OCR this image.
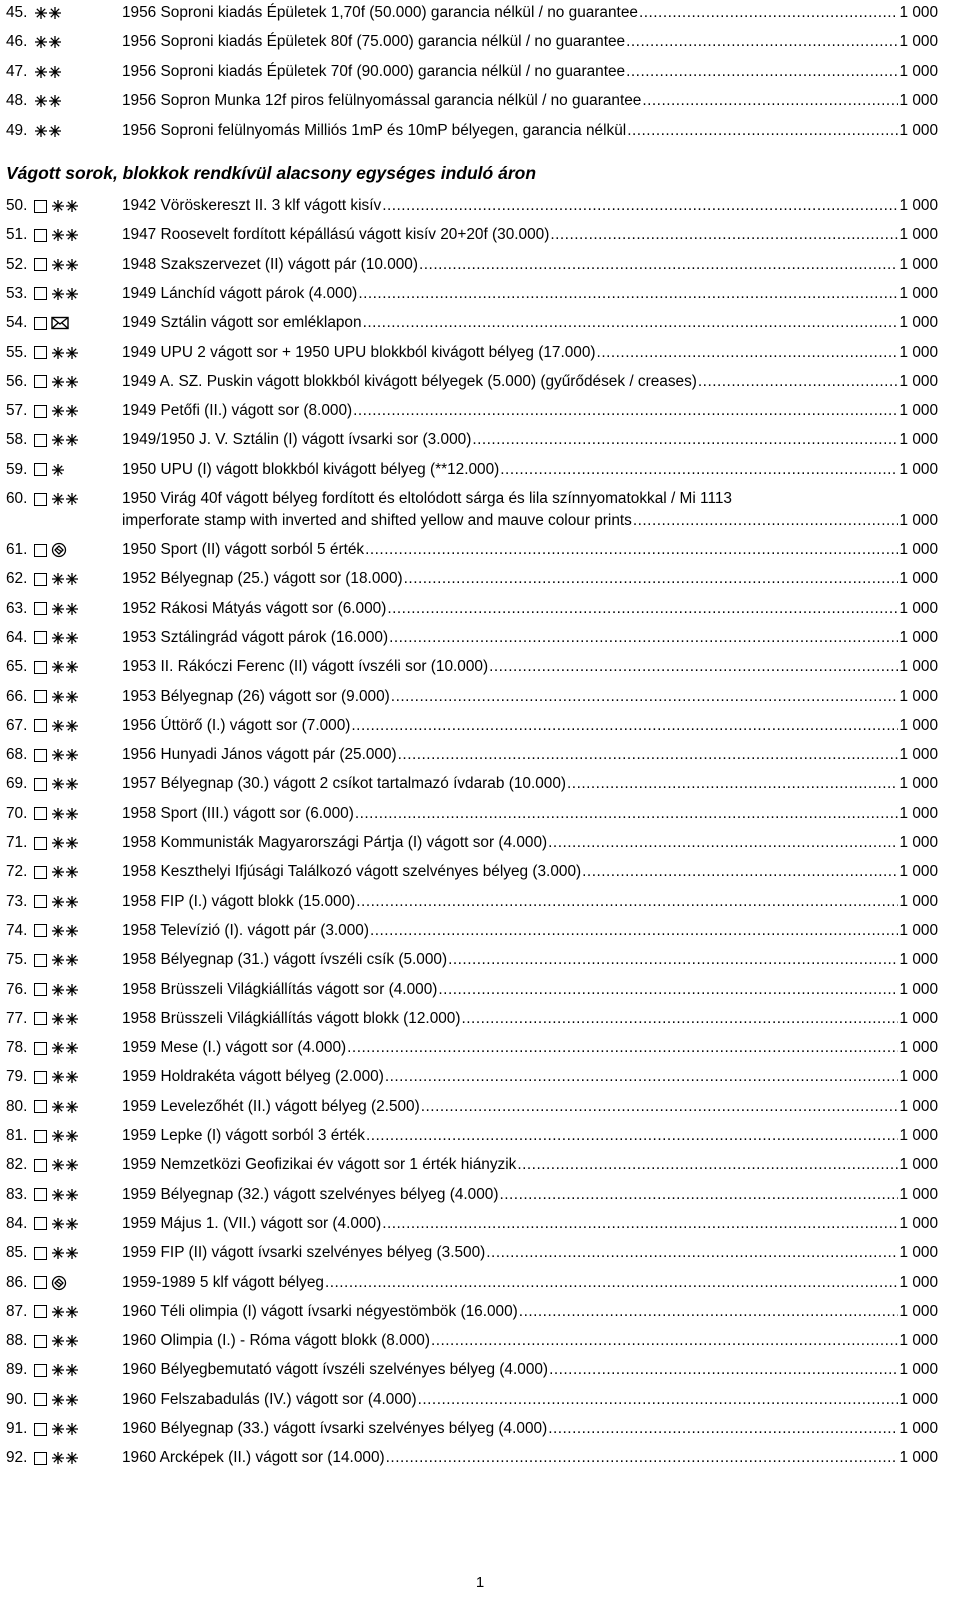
45.	1956 Soproni kiadás Épületek 1,70f (50.000) garancia nélkül / no guarantee .....	1 000
46.	1956 Soproni kiadás Épületek 80f (75.000) garancia nélkül / no guarantee .....	1 000
47.	1956 Soproni kiadás Épületek 70f (90.000) garancia nélkül / no guarantee .....	1 000
48.	1956 Sopron Munka 12f piros felülnyomással garancia nélkül / no guarantee .....	1 000
49.	1956 Soproni felülnyomás Milliós 1mP és 10mP bélyegen, garancia nélkül .....	1 000
Vágott sorok, blokkok rendkívül alacsony egységes induló áron
50.	1942 Vöröskereszt II. 3 klf vágott kisív .....	1 000
51.	1947 Roosevelt fordított képállású vágott kisív 20+20f (30.000) .....	1 000
52.	1948 Szakszervezet (II) vágott pár (10.000) .....	1 000
53.	1949 Lánchíd vágott párok (4.000) .....	1 000
54.	1949 Sztálin vágott sor emléklapon .....	1 000
55.	1949 UPU 2 vágott sor + 1950 UPU blokkból kivágott bélyeg (17.000) .....	1 000
56.	1949 A. SZ. Puskin vágott blokkból kivágott bélyegek (5.000) (gyűrődések / creases) .....	1 000
57.	1949 Petőfi (II.) vágott sor (8.000) .....	1 000
58.	1949/1950 J. V. Sztálin (I) vágott ívsarki sor (3.000) .....	1 000
59.	1950 UPU (I) vágott blokkból kivágott bélyeg (**12.000) .....	1 000
60.	1950 Virág 40f vágott bélyeg fordított és eltolódott sárga és lila színnyomatokkal / Mi 1113
imperforate stamp with inverted and shifted yellow and mauve colour prints .....	1 000
61.	1950 Sport (II) vágott sorból 5 érték .....	1 000
62.	1952 Bélyegnap (25.) vágott sor (18.000) .....	1 000
63.	1952 Rákosi Mátyás vágott sor (6.000) .....	1 000
64.	1953 Sztálingrád vágott párok (16.000) .....	1 000
65.	1953 II. Rákóczi Ferenc (II) vágott ívszéli sor (10.000) .....	1 000
66.	1953 Bélyegnap (26) vágott sor (9.000) .....	1 000
67.	1956 Úttörő (I.) vágott sor (7.000) .....	1 000
68.	1956 Hunyadi János vágott pár (25.000) .....	1 000
69.	1957 Bélyegnap (30.) vágott 2 csíkot tartalmazó ívdarab (10.000) .....	1 000
70.	1958 Sport (III.) vágott sor (6.000) .....	1 000
71.	1958 Kommunisták Magyarországi Pártja (I) vágott sor (4.000) .....	1 000
72.	1958 Keszthelyi Ifjúsági Találkozó vágott szelvényes bélyeg (3.000) .....	1 000
73.	1958 FIP (I.) vágott blokk (15.000) .....	1 000
74.	1958 Televízió (I). vágott pár (3.000) .....	1 000
75.	1958 Bélyegnap (31.) vágott ívszéli csík (5.000) .....	1 000
76.	1958 Brüsszeli Világkiállítás vágott sor (4.000) .....	1 000
77.	1958 Brüsszeli Világkiállítás vágott blokk (12.000) .....	1 000
78.	1959 Mese (I.) vágott sor (4.000) .....	1 000
79.	1959 Holdrakéta vágott bélyeg (2.000) .....	1 000
80.	1959 Levelezőhét (II.) vágott bélyeg (2.500) .....	1 000
81.	1959 Lepke (I) vágott sorból 3 érték .....	1 000
82.	1959 Nemzetközi Geofizikai év vágott sor 1 érték hiányzik .....	1 000
83.	1959 Bélyegnap (32.) vágott szelvényes bélyeg (4.000) .....	1 000
84.	1959 Május 1. (VII.) vágott sor (4.000) .....	1 000
85.	1959 FIP (II) vágott ívsarki szelvényes bélyeg (3.500) .....	1 000
86.	1959-1989 5 klf vágott bélyeg .....	1 000
87.	1960 Téli olimpia (I) vágott ívsarki négyestömbök (16.000) .....	1 000
88.	1960 Olimpia (I.) - Róma vágott blokk (8.000) .....	1 000
89.	1960 Bélyegbemutató vágott ívszéli szelvényes bélyeg (4.000) .....	1 000
90.	1960 Felszabadulás (IV.) vágott sor (4.000) .....	1 000
91.	1960 Bélyegnap (33.) vágott ívsarki szelvényes bélyeg (4.000) .....	1 000
92.	1960 Arcképek (II.) vágott sor (14.000) .....	1 000
1
